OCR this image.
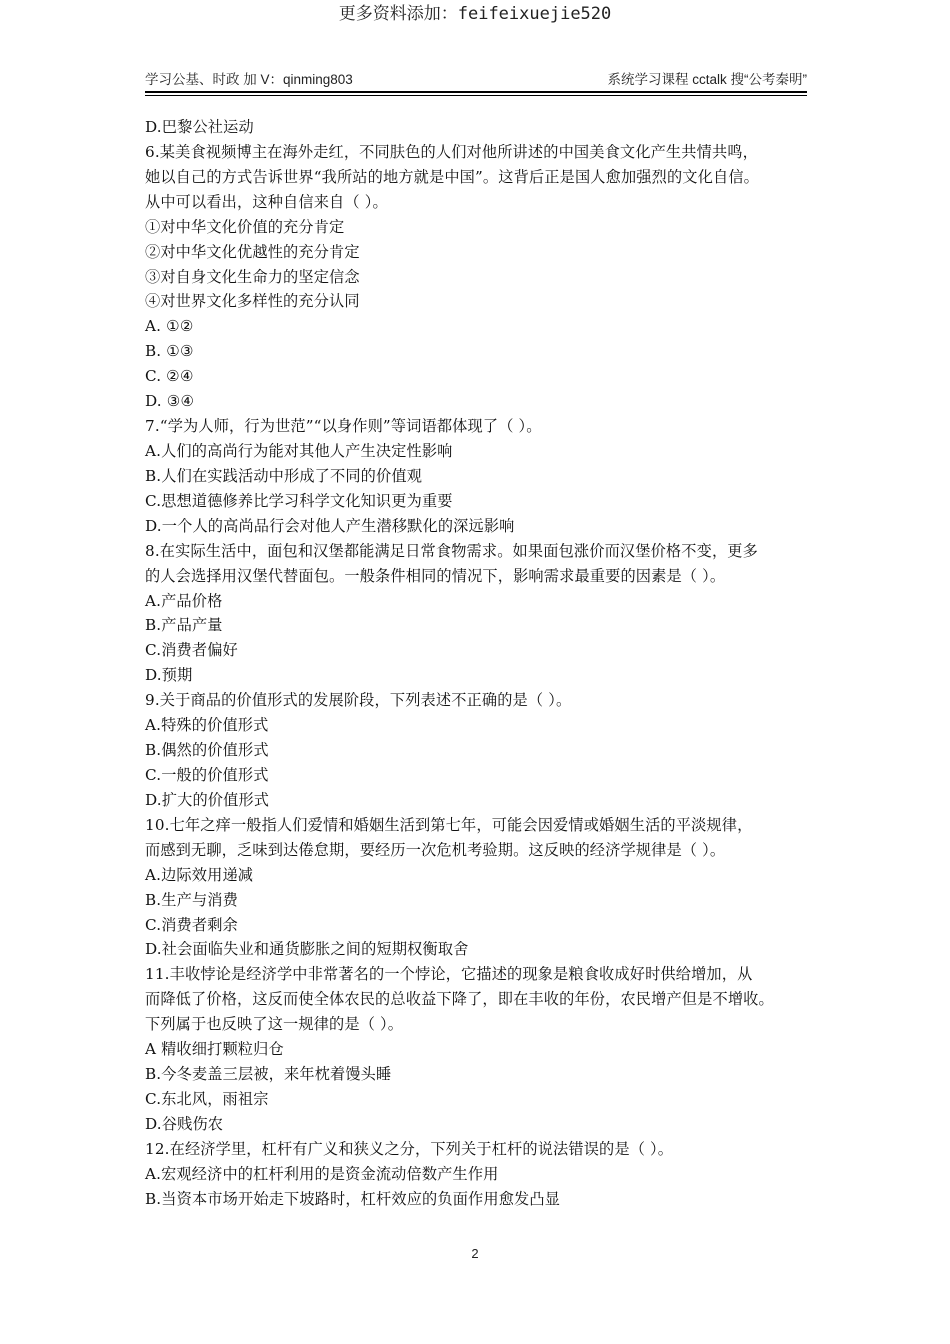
更多资料添加：feifeixuejie520
学习公基、时政 加 V：qinming803	系统学习课程 cctalk 搜“公考秦明”
D.巴黎公社运动
6.某美食视频博主在海外走红，不同肤色的人们对他所讲述的中国美食文化产生共情共鸣，
她以自己的方式告诉世界“我所站的地方就是中国”。这背后正是国人愈加强烈的文化自信。
从中可以看出，这种自信来自（ ）。
①对中华文化价值的充分肯定
②对中华文化优越性的充分肯定
③对自身文化生命力的坚定信念
④对世界文化多样性的充分认同
A. ①②
B. ①③
C. ②④
D. ③④
7.“学为人师，行为世范”“以身作则”等词语都体现了（ ）。
A.人们的高尚行为能对其他人产生决定性影响
B.人们在实践活动中形成了不同的价值观
C.思想道德修养比学习科学文化知识更为重要
D.一个人的高尚品行会对他人产生潜移默化的深远影响
8.在实际生活中，面包和汉堡都能满足日常食物需求。如果面包涨价而汉堡价格不变，更多
的人会选择用汉堡代替面包。一般条件相同的情况下，影响需求最重要的因素是（ ）。
A.产品价格
B.产品产量
C.消费者偏好
D.预期
9.关于商品的价值形式的发展阶段，下列表述不正确的是（ ）。
A.特殊的价值形式
B.偶然的价值形式
C.一般的价值形式
D.扩大的价值形式
10.七年之痒一般指人们爱情和婚姻生活到第七年，可能会因爱情或婚姻生活的平淡规律，
而感到无聊，乏味到达倦怠期，要经历一次危机考验期。这反映的经济学规律是（ ）。
A.边际效用递减
B.生产与消费
C.消费者剩余
D.社会面临失业和通货膨胀之间的短期权衡取舍
11.丰收悖论是经济学中非常著名的一个悖论，它描述的现象是粮食收成好时供给增加，从
而降低了价格，这反而使全体农民的总收益下降了，即在丰收的年份，农民增产但是不增收。
下列属于也反映了这一规律的是（ ）。
A 精收细打颗粒归仓
B.今冬麦盖三层被，来年枕着馒头睡
C.东北风，雨祖宗
D.谷贱伤农
12.在经济学里，杠杆有广义和狭义之分，下列关于杠杆的说法错误的是（ ）。
A.宏观经济中的杠杆利用的是资金流动倍数产生作用
B.当资本市场开始走下坡路时，杠杆效应的负面作用愈发凸显
2
